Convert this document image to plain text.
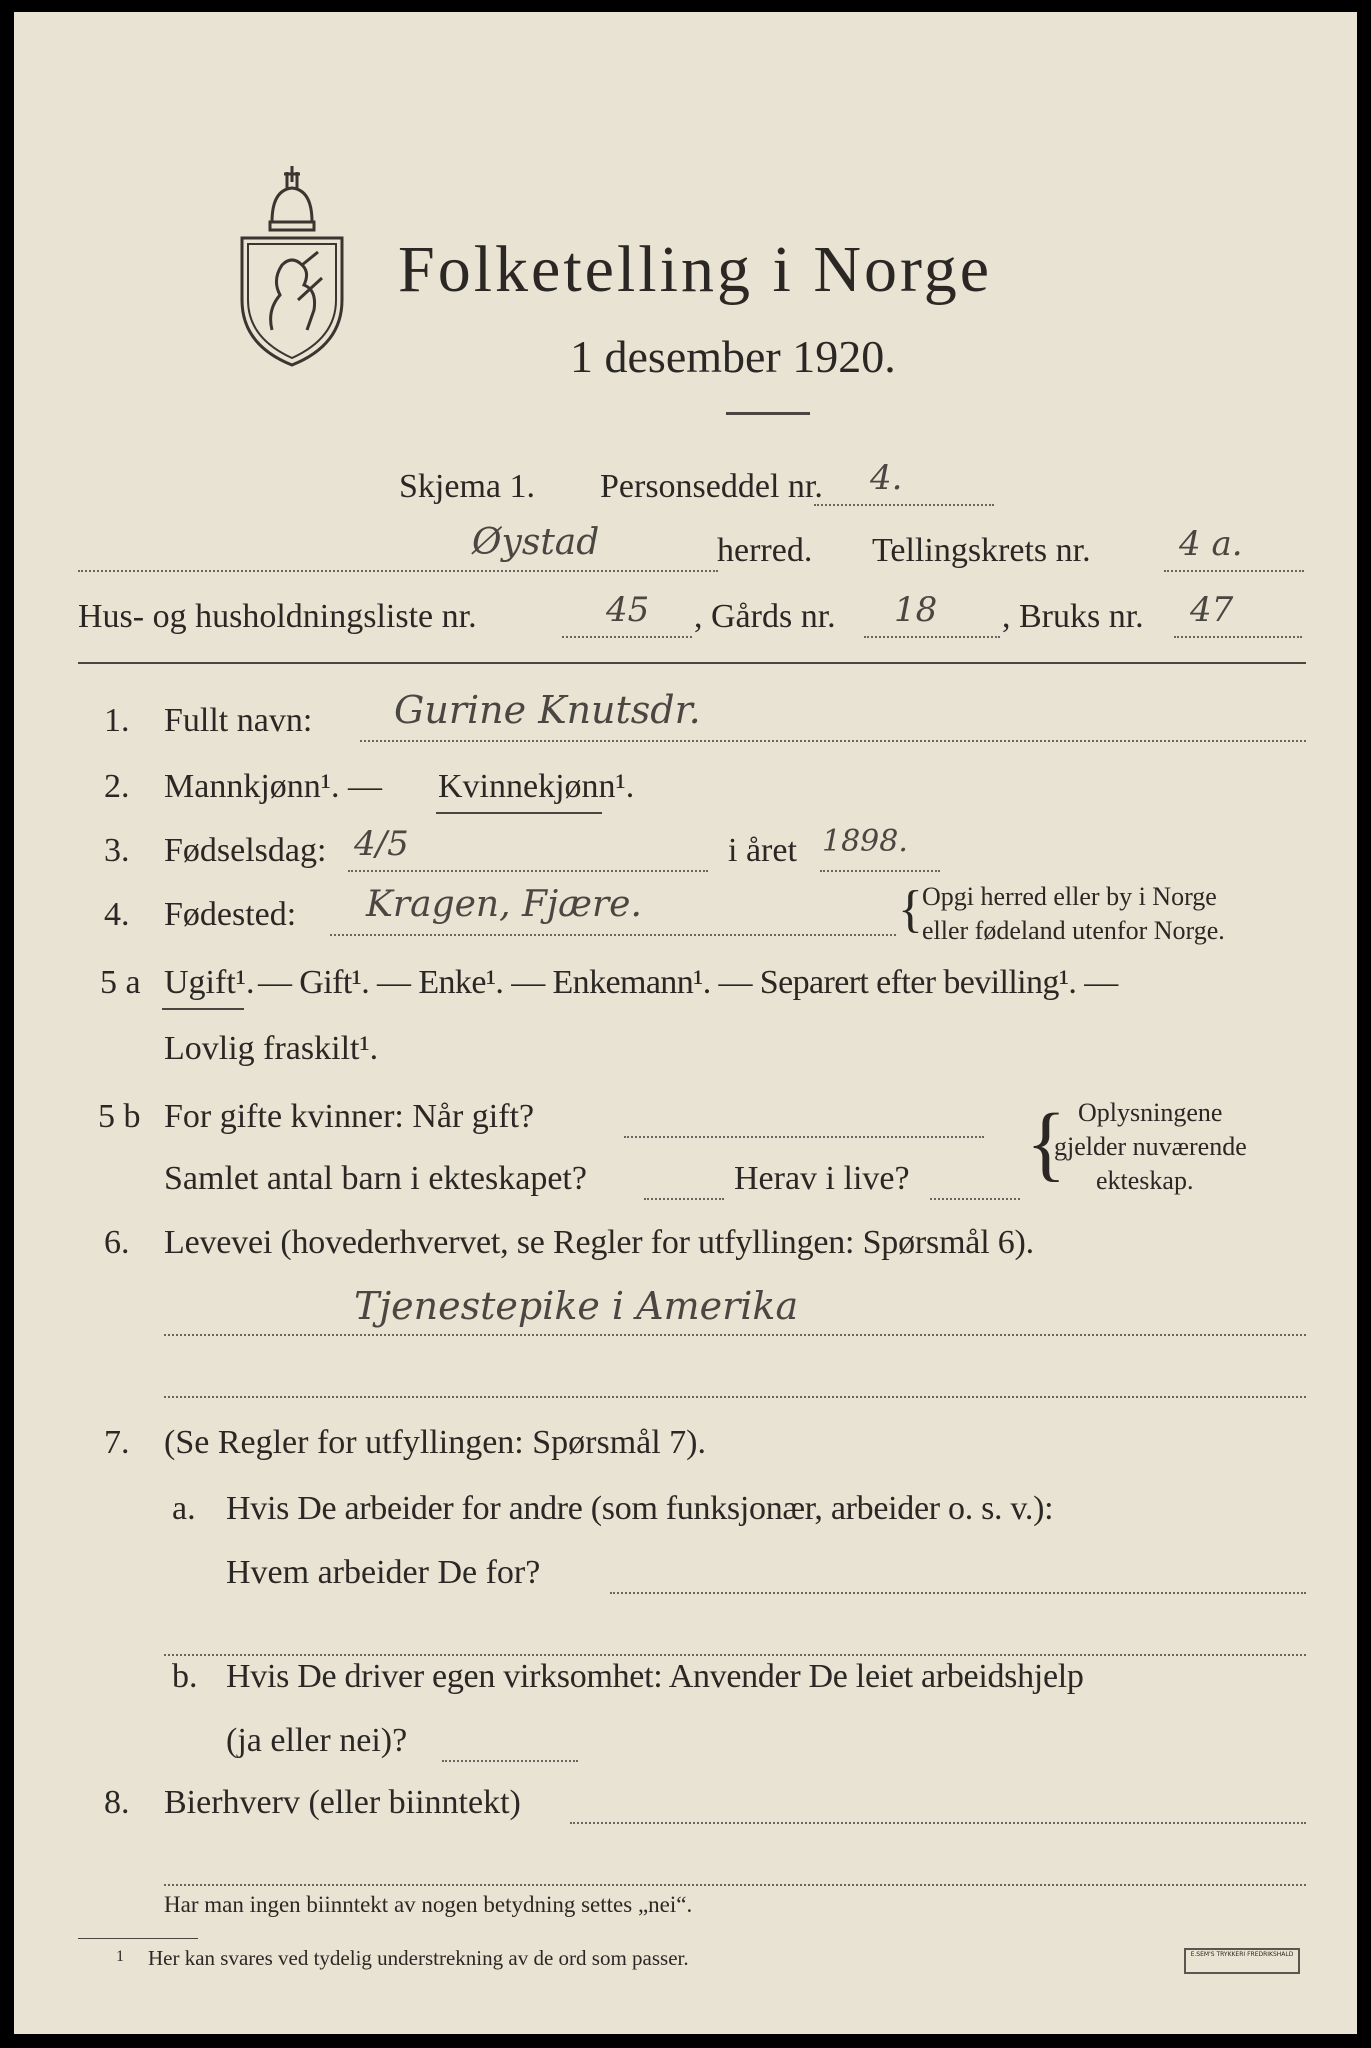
Folketelling i Norge
1 desember 1920.
Skjema 1. Personseddel nr. 4.
Øystad	herred. Tellingskrets nr.	4 a.
Hus- og husholdningsliste nr.	45 , Gårds nr. 18 , Bruks nr. 47
1. Fullt navn: Gurine Knutsdr.
2. Mannkjønn¹. — Kvinnekjønn¹.
3. Fødselsdag: 4/5	i året 1898.
4. Fødested: Kragen, Fjære.	{ Opgi herred eller by i Norge
eller fødeland utenfor Norge.
5 a Ugift¹. — Gift¹. — Enke¹. — Enkemann¹. — Separert efter bevilling¹. —
Lovlig fraskilt¹.
5 b For gifte kvinner: Når gift?
Samlet antal barn i ekteskapet?	Herav i live? { Oplysningene
gjelder nuværende
ekteskap.
6. Levevei (hovederhvervet, se Regler for utfyllingen: Spørsmål 6).
Tjenestepike i Amerika
7. (Se Regler for utfyllingen: Spørsmål 7).
a. Hvis De arbeider for andre (som funksjonær, arbeider o. s. v.):
Hvem arbeider De for?
b. Hvis De driver egen virksomhet: Anvender De leiet arbeidshjelp
(ja eller nei)?
8. Bierhverv (eller biinntekt)
Har man ingen biinntekt av nogen betydning settes „nei“.
1 Her kan svares ved tydelig understrekning av de ord som passer.	E.SEM'S TRYKKERI FREDRIKSHALD
